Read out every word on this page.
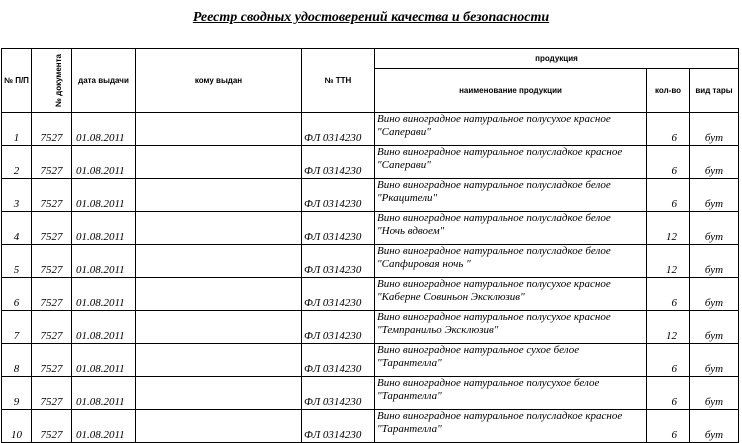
Реестр сводных удостоверений качества и безопасности
№ П/П	№ документа	дата выдачи	кому выдан	№ ТТН	продукция		
					наименование продукции	кол-во	вид тары
1	7527	01.08.2011		ФЛ 0314230	Вино виноградное натуральное полусухое красное
"Саперави"	6	бут
2	7527	01.08.2011		ФЛ 0314230	Вино виноградное натуральное полусладкое красное
"Саперави"	6	бут
3	7527	01.08.2011		ФЛ 0314230	Вино виноградное натуральное полусладкое белое
"Ркацители"	6	бут
4	7527	01.08.2011		ФЛ 0314230	Вино виноградное натуральное полусладкое белое
"Ночь вдвоем"	12	бут
5	7527	01.08.2011		ФЛ 0314230	Вино виноградное натуральное полусладкое белое
"Сапфировая ночь "	12	бут
6	7527	01.08.2011		ФЛ 0314230	Вино виноградное натуральное полусухое красное
"Каберне Совиньон Эксклюзив"	6	бут
7	7527	01.08.2011		ФЛ 0314230	Вино виноградное натуральное полусухое красное
"Темпранильо Эксклюзив"	12	бут
8	7527	01.08.2011		ФЛ 0314230	Вино виноградное натуральное сухое белое
"Тарантелла"	6	бут
9	7527	01.08.2011		ФЛ 0314230	Вино виноградное натуральное полусухое белое
"Тарантелла"	6	бут
10	7527	01.08.2011		ФЛ 0314230	Вино виноградное натуральное полусладкое красное
"Тарантелла"	6	бут
